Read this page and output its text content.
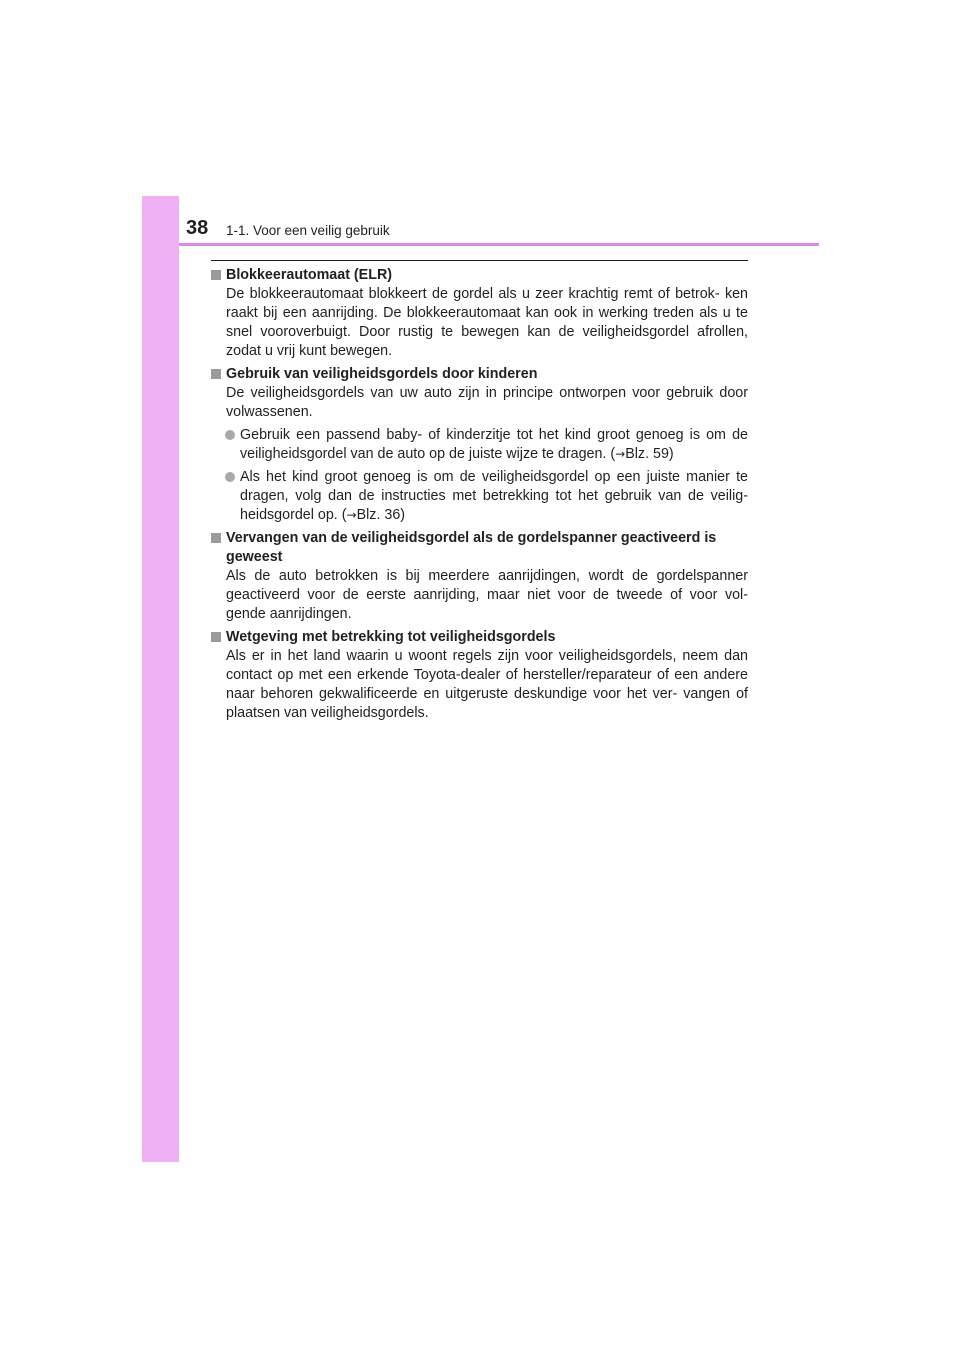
38 1-1. Voor een veilig gebruik
Blokkeerautomaat (ELR)
De blokkeerautomaat blokkeert de gordel als u zeer krachtig remt of betrok- ken raakt bij een aanrijding. De blokkeerautomaat kan ook in werking treden als u te snel vooroverbuigt. Door rustig te bewegen kan de veiligheidsgordel afrollen, zodat u vrij kunt bewegen.
Gebruik van veiligheidsgordels door kinderen
De veiligheidsgordels van uw auto zijn in principe ontworpen voor gebruik door volwassenen.
Gebruik een passend baby- of kinderzitje tot het kind groot genoeg is om de veiligheidsgordel van de auto op de juiste wijze te dragen. (→Blz. 59)
Als het kind groot genoeg is om de veiligheidsgordel op een juiste manier te dragen, volg dan de instructies met betrekking tot het gebruik van de veilig- heidsgordel op. (→Blz. 36)
Vervangen van de veiligheidsgordel als de gordelspanner geactiveerd is geweest
Als de auto betrokken is bij meerdere aanrijdingen, wordt de gordelspanner geactiveerd voor de eerste aanrijding, maar niet voor de tweede of voor vol- gende aanrijdingen.
Wetgeving met betrekking tot veiligheidsgordels
Als er in het land waarin u woont regels zijn voor veiligheidsgordels, neem dan contact op met een erkende Toyota-dealer of hersteller/reparateur of een andere naar behoren gekwalificeerde en uitgeruste deskundige voor het ver- vangen of plaatsen van veiligheidsgordels.
